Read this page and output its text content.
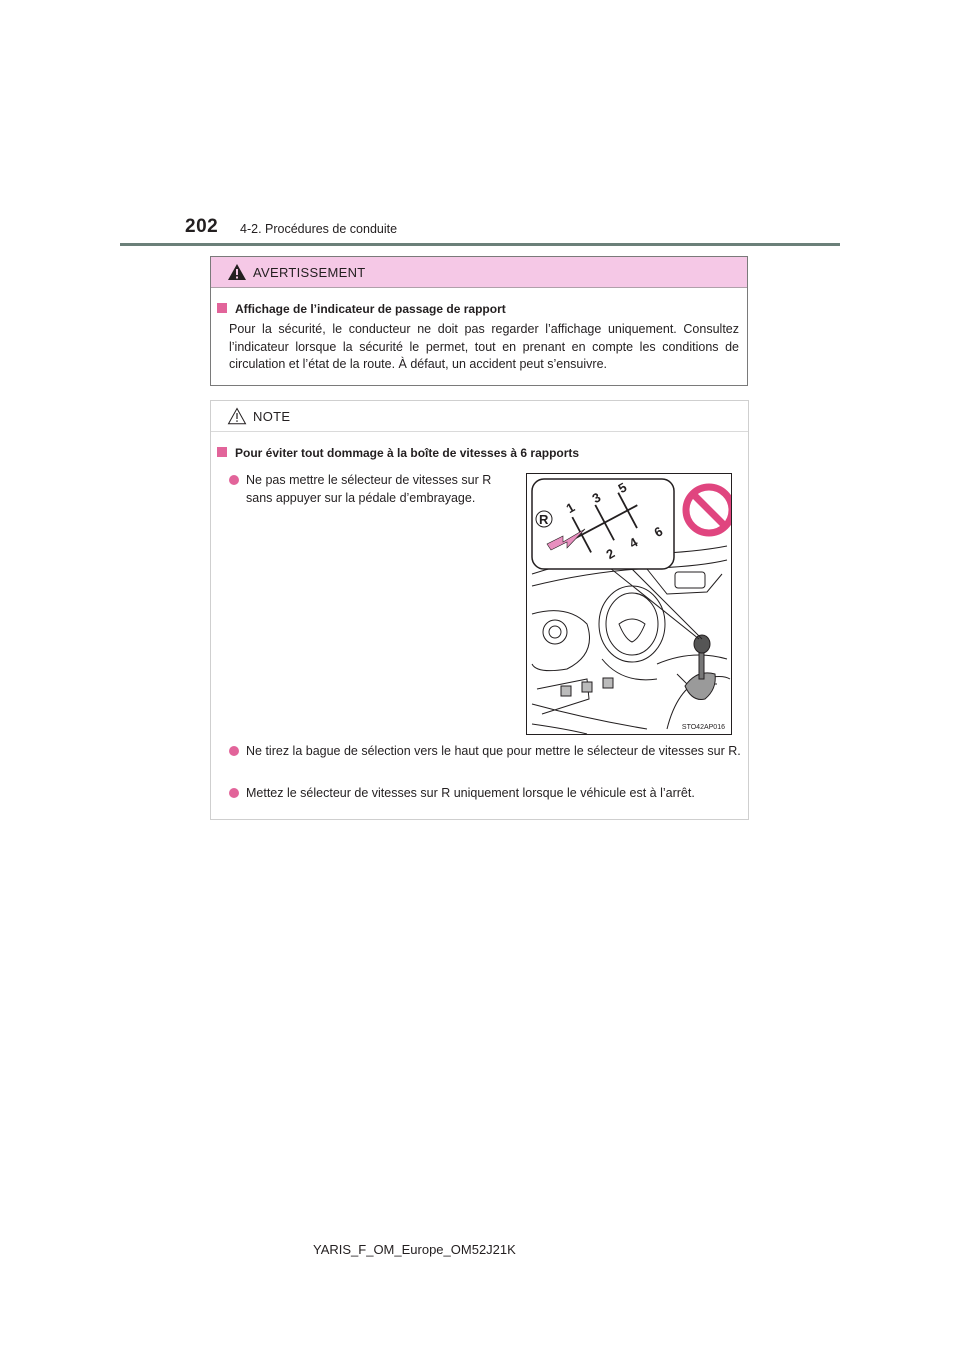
202 4-2. Procédures de conduite
AVERTISSEMENT
Affichage de l’indicateur de passage de rapport
Pour la sécurité, le conducteur ne doit pas regarder l’affichage uniquement. Consultez l’indicateur lorsque la sécurité le permet, tout en prenant en compte les conditions de circulation et l’état de la route. À défaut, un accident peut s’ensuivre.
NOTE
Pour éviter tout dommage à la boîte de vitesses à 6 rapports
Ne pas mettre le sélecteur de vitesses sur R sans appuyer sur la pédale d’embrayage.
R
1
2
3
4
5
6
STO42AP016
Ne tirez la bague de sélection vers le haut que pour mettre le sélecteur de vitesses sur R.
Mettez le sélecteur de vitesses sur R uniquement lorsque le véhicule est à l’arrêt.
YARIS_F_OM_Europe_OM52J21K
